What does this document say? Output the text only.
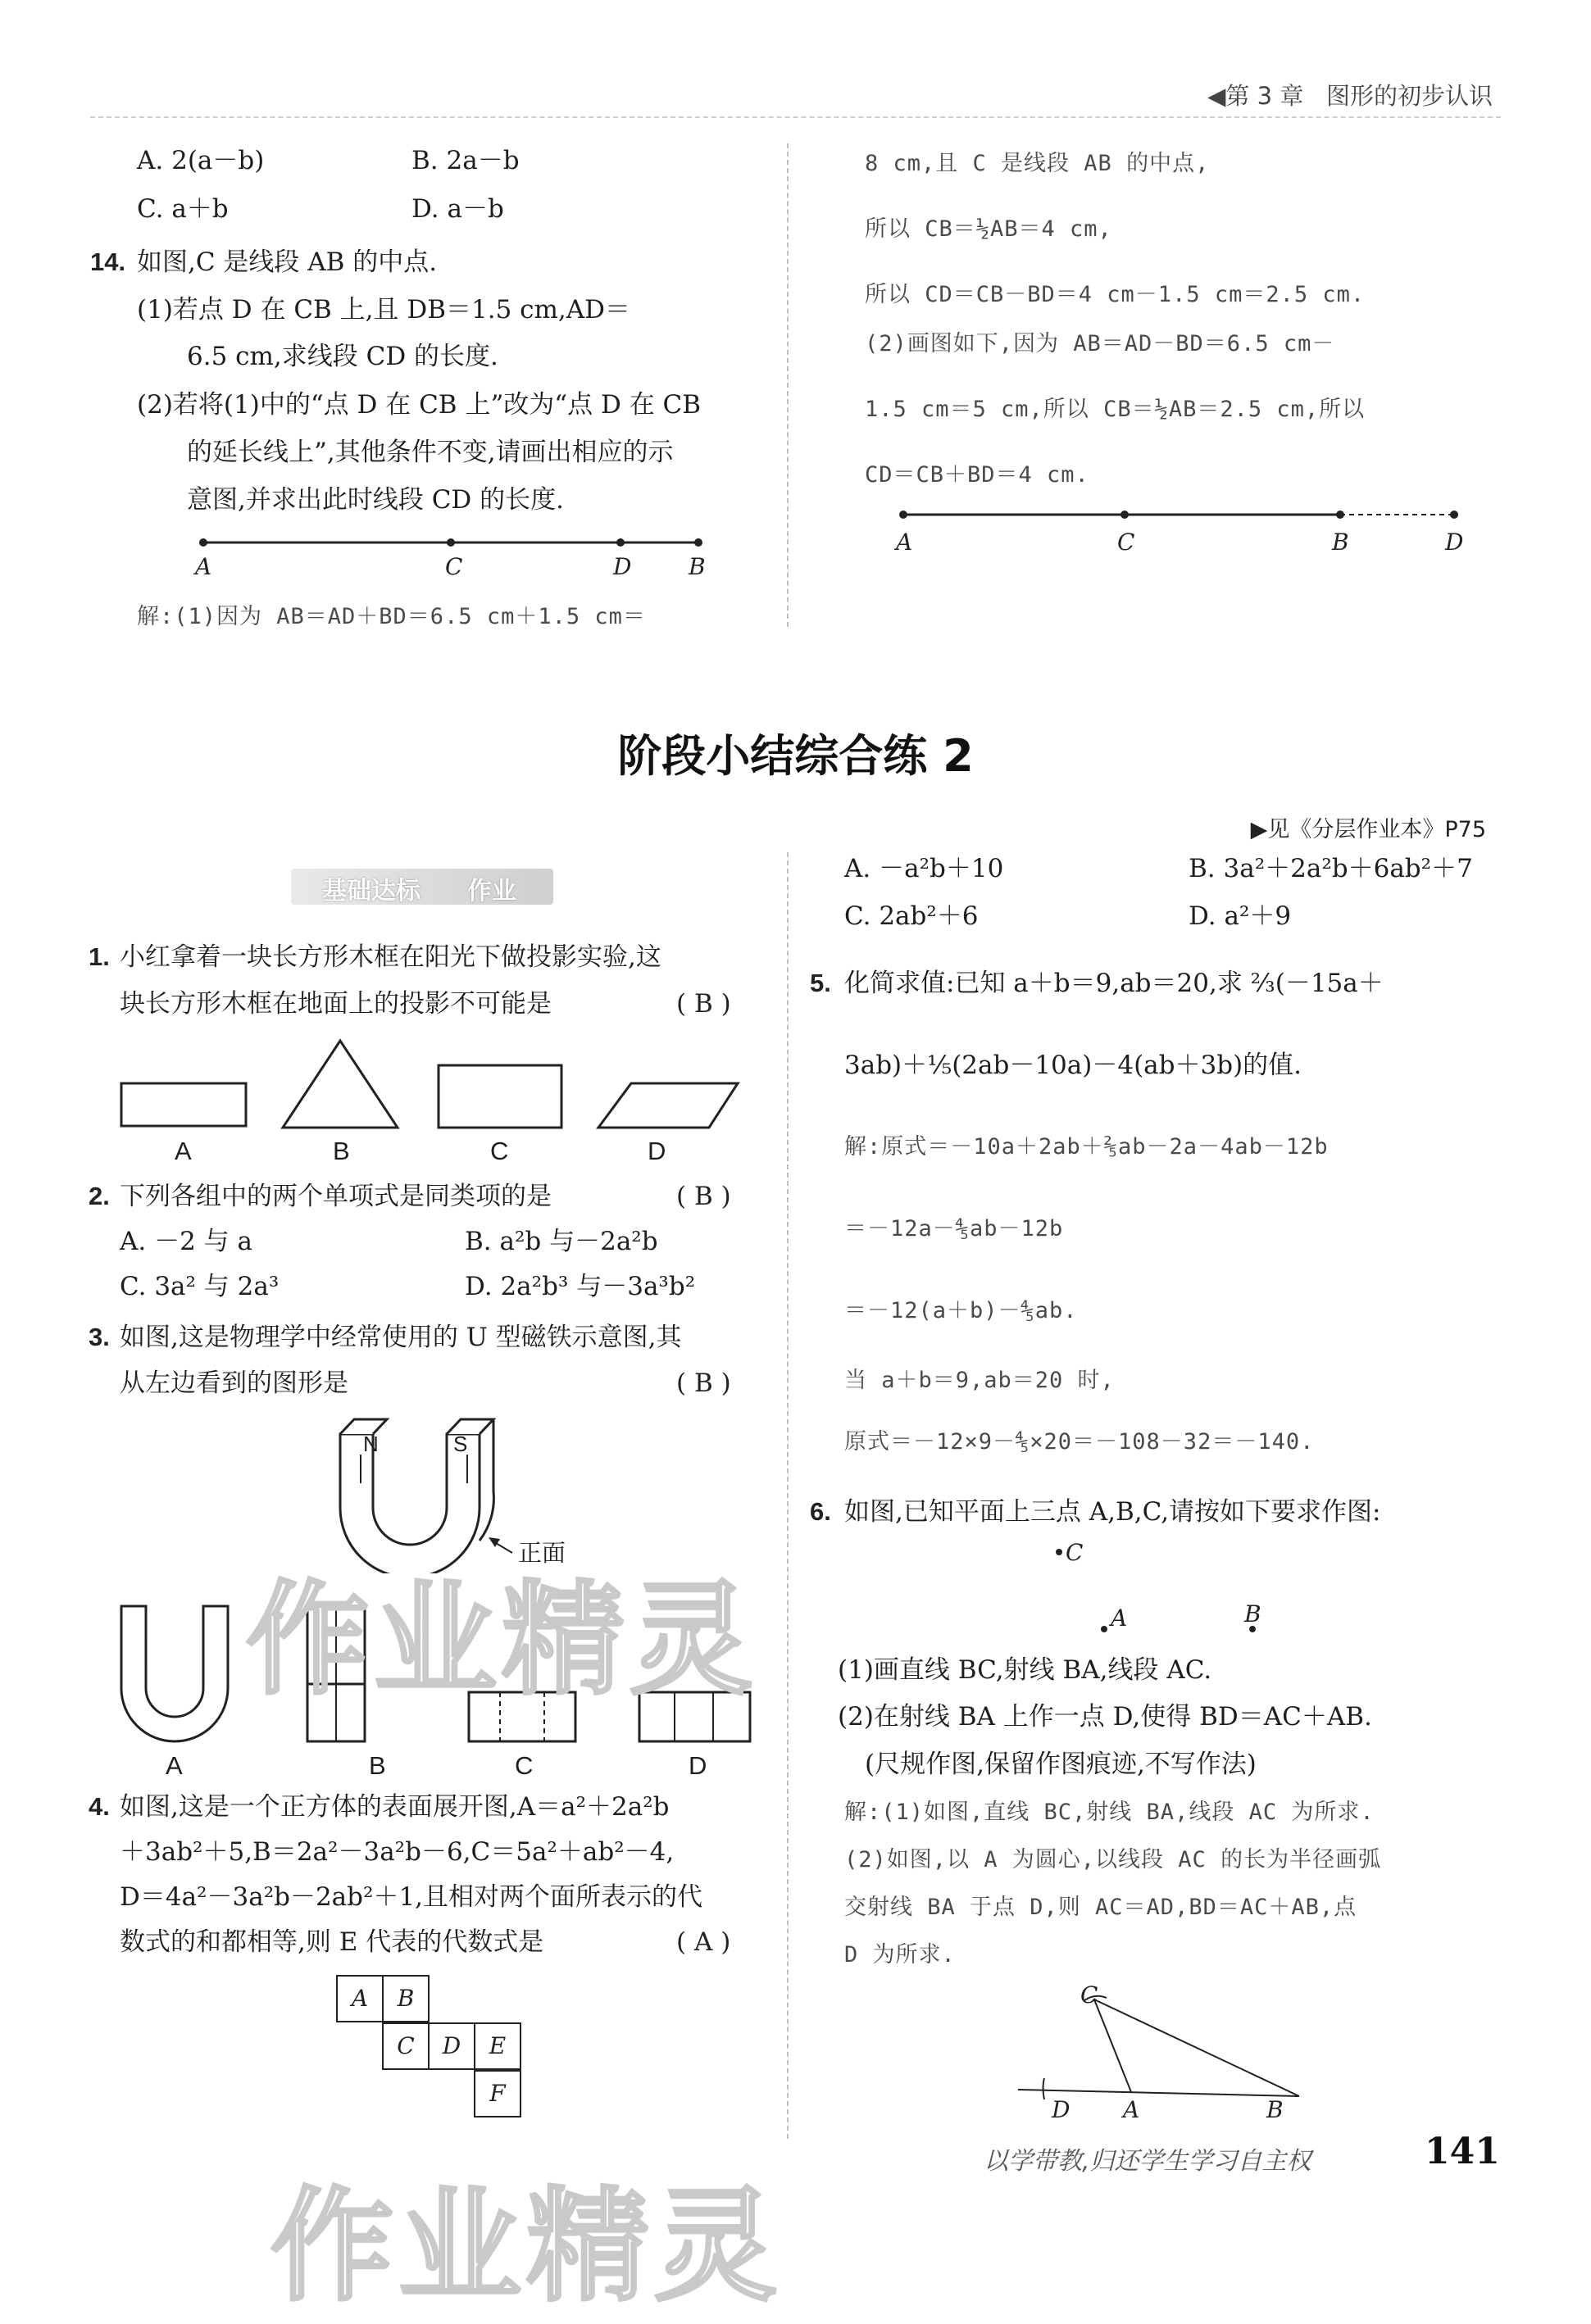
◀第 3 章 图形的初步认识
A. 2(a－b)	B. 2a－b
C. a＋b	D. a－b
14. 如图,C 是线段 AB 的中点.
(1)若点 D 在 CB 上,且 DB＝1.5 cm,AD＝
6.5 cm,求线段 CD 的长度.
(2)若将(1)中的“点 D 在 CB 上”改为“点 D 在 CB
的延长线上”,其他条件不变,请画出相应的示
意图,并求出此时线段 CD 的长度.
A	C	D B
解:(1)因为 AB＝AD＋BD＝6.5 cm＋1.5 cm＝
8 cm,且 C 是线段 AB 的中点,
所以 CB＝½AB＝4 cm,
所以 CD＝CB－BD＝4 cm－1.5 cm＝2.5 cm.
(2)画图如下,因为 AB＝AD－BD＝6.5 cm－
1.5 cm＝5 cm,所以 CB＝½AB＝2.5 cm,所以
CD＝CB＋BD＝4 cm.
A	C	B	D
阶段小结综合练 2
▶见《分层作业本》P75
基础达标 作业
1. 小红拿着一块长方形木框在阳光下做投影实验,这
块长方形木框在地面上的投影不可能是	( B )
A	B	C	D
2. 下列各组中的两个单项式是同类项的是	( B )
A. －2 与 a	B. a²b 与－2a²b
C. 3a² 与 2a³	D. 2a²b³ 与－3a³b²
3. 如图,这是物理学中经常使用的 U 型磁铁示意图,其
从左边看到的图形是	( B )
N	S
正面
A	B	C	D
4. 如图,这是一个正方体的表面展开图,A＝a²＋2a²b
＋3ab²＋5,B＝2a²－3a²b－6,C＝5a²＋ab²－4,
D＝4a²－3a²b－2ab²＋1,且相对两个面所表示的代
数式的和都相等,则 E 代表的代数式是	( A )
A	B
C	D	E
F
A. －a²b＋10	B. 3a²＋2a²b＋6ab²＋7
C. 2ab²＋6	D. a²＋9
5. 化简求值:已知 a＋b＝9,ab＝20,求 ⅔(－15a＋
3ab)＋⅕(2ab－10a)－4(ab＋3b)的值.
解:原式＝－10a＋2ab＋⅖ab－2a－4ab－12b
＝－12a－⅘ab－12b
＝－12(a＋b)－⅘ab.
当 a＋b＝9,ab＝20 时,
原式＝－12×9－⅘×20＝－108－32＝－140.
6. 如图,已知平面上三点 A,B,C,请按如下要求作图:
C
A	B
(1)画直线 BC,射线 BA,线段 AC.
(2)在射线 BA 上作一点 D,使得 BD＝AC＋AB.
(尺规作图,保留作图痕迹,不写作法)
解:(1)如图,直线 BC,射线 BA,线段 AC 为所求.
(2)如图,以 A 为圆心,以线段 AC 的长为半径画弧
交射线 BA 于点 D,则 AC＝AD,BD＝AC＋AB,点
D 为所求.
C
D A	B
以学带教,归还学生学习自主权	141
作业精灵
作业精灵
